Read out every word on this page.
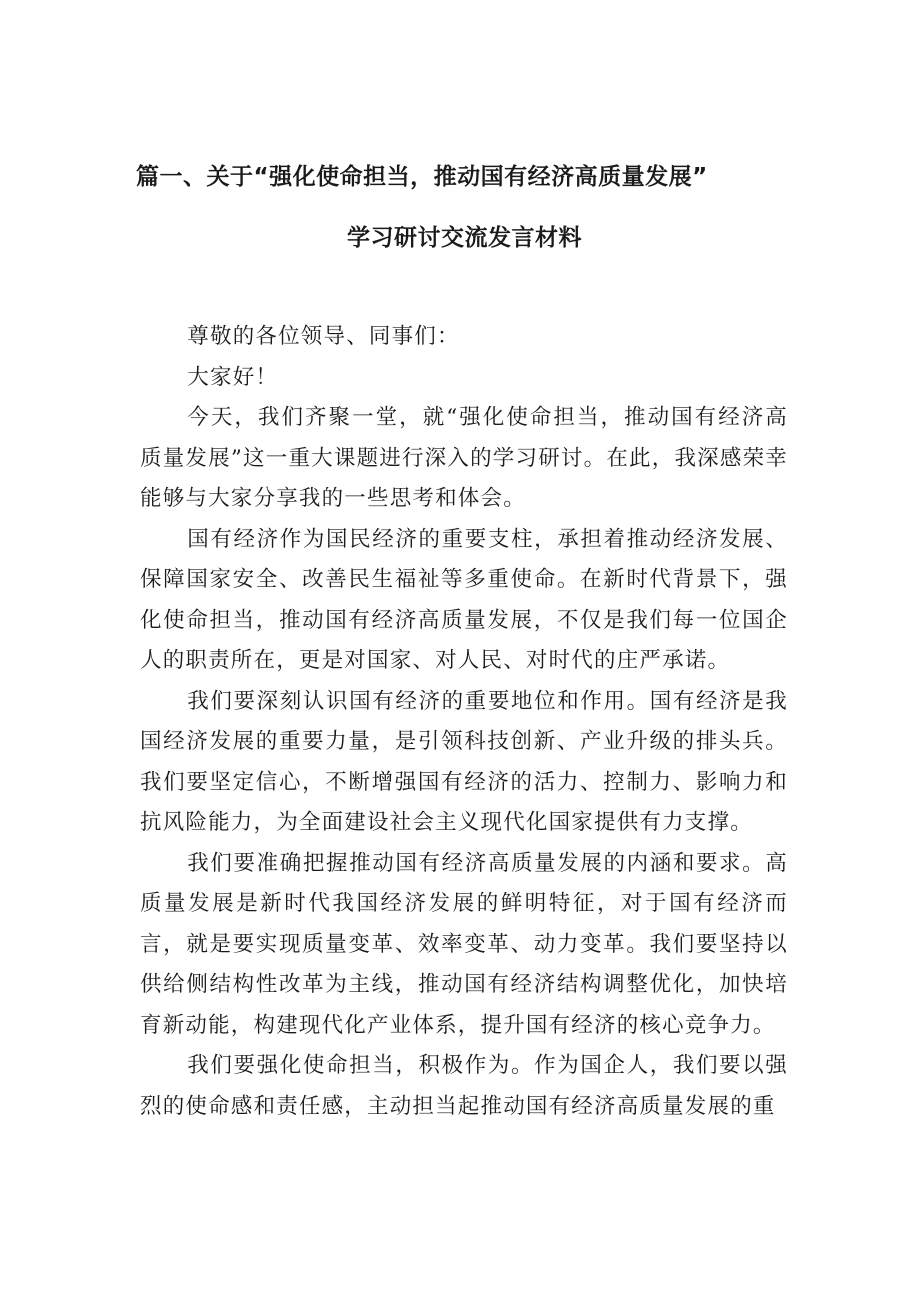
篇一、关于“强化使命担当，推动国有经济高质量发展”
学习研讨交流发言材料

尊敬的各位领导、同事们：

大家好！

今天，我们齐聚一堂，就“强化使命担当，推动国有经济高质量发展”这一重大课题进行深入的学习研讨。在此，我深感荣幸能够与大家分享我的一些思考和体会。

国有经济作为国民经济的重要支柱，承担着推动经济发展、保障国家安全、改善民生福祉等多重使命。在新时代背景下，强化使命担当，推动国有经济高质量发展，不仅是我们每一位国企人的职责所在，更是对国家、对人民、对时代的庄严承诺。

我们要深刻认识国有经济的重要地位和作用。国有经济是我国经济发展的重要力量，是引领科技创新、产业升级的排头兵。我们要坚定信心，不断增强国有经济的活力、控制力、影响力和抗风险能力，为全面建设社会主义现代化国家提供有力支撑。

我们要准确把握推动国有经济高质量发展的内涵和要求。高质量发展是新时代我国经济发展的鲜明特征，对于国有经济而言，就是要实现质量变革、效率变革、动力变革。我们要坚持以供给侧结构性改革为主线，推动国有经济结构调整优化，加快培育新动能，构建现代化产业体系，提升国有经济的核心竞争力。

我们要强化使命担当，积极作为。作为国企人，我们要以强烈的使命感和责任感，主动担当起推动国有经济高质量发展的重
